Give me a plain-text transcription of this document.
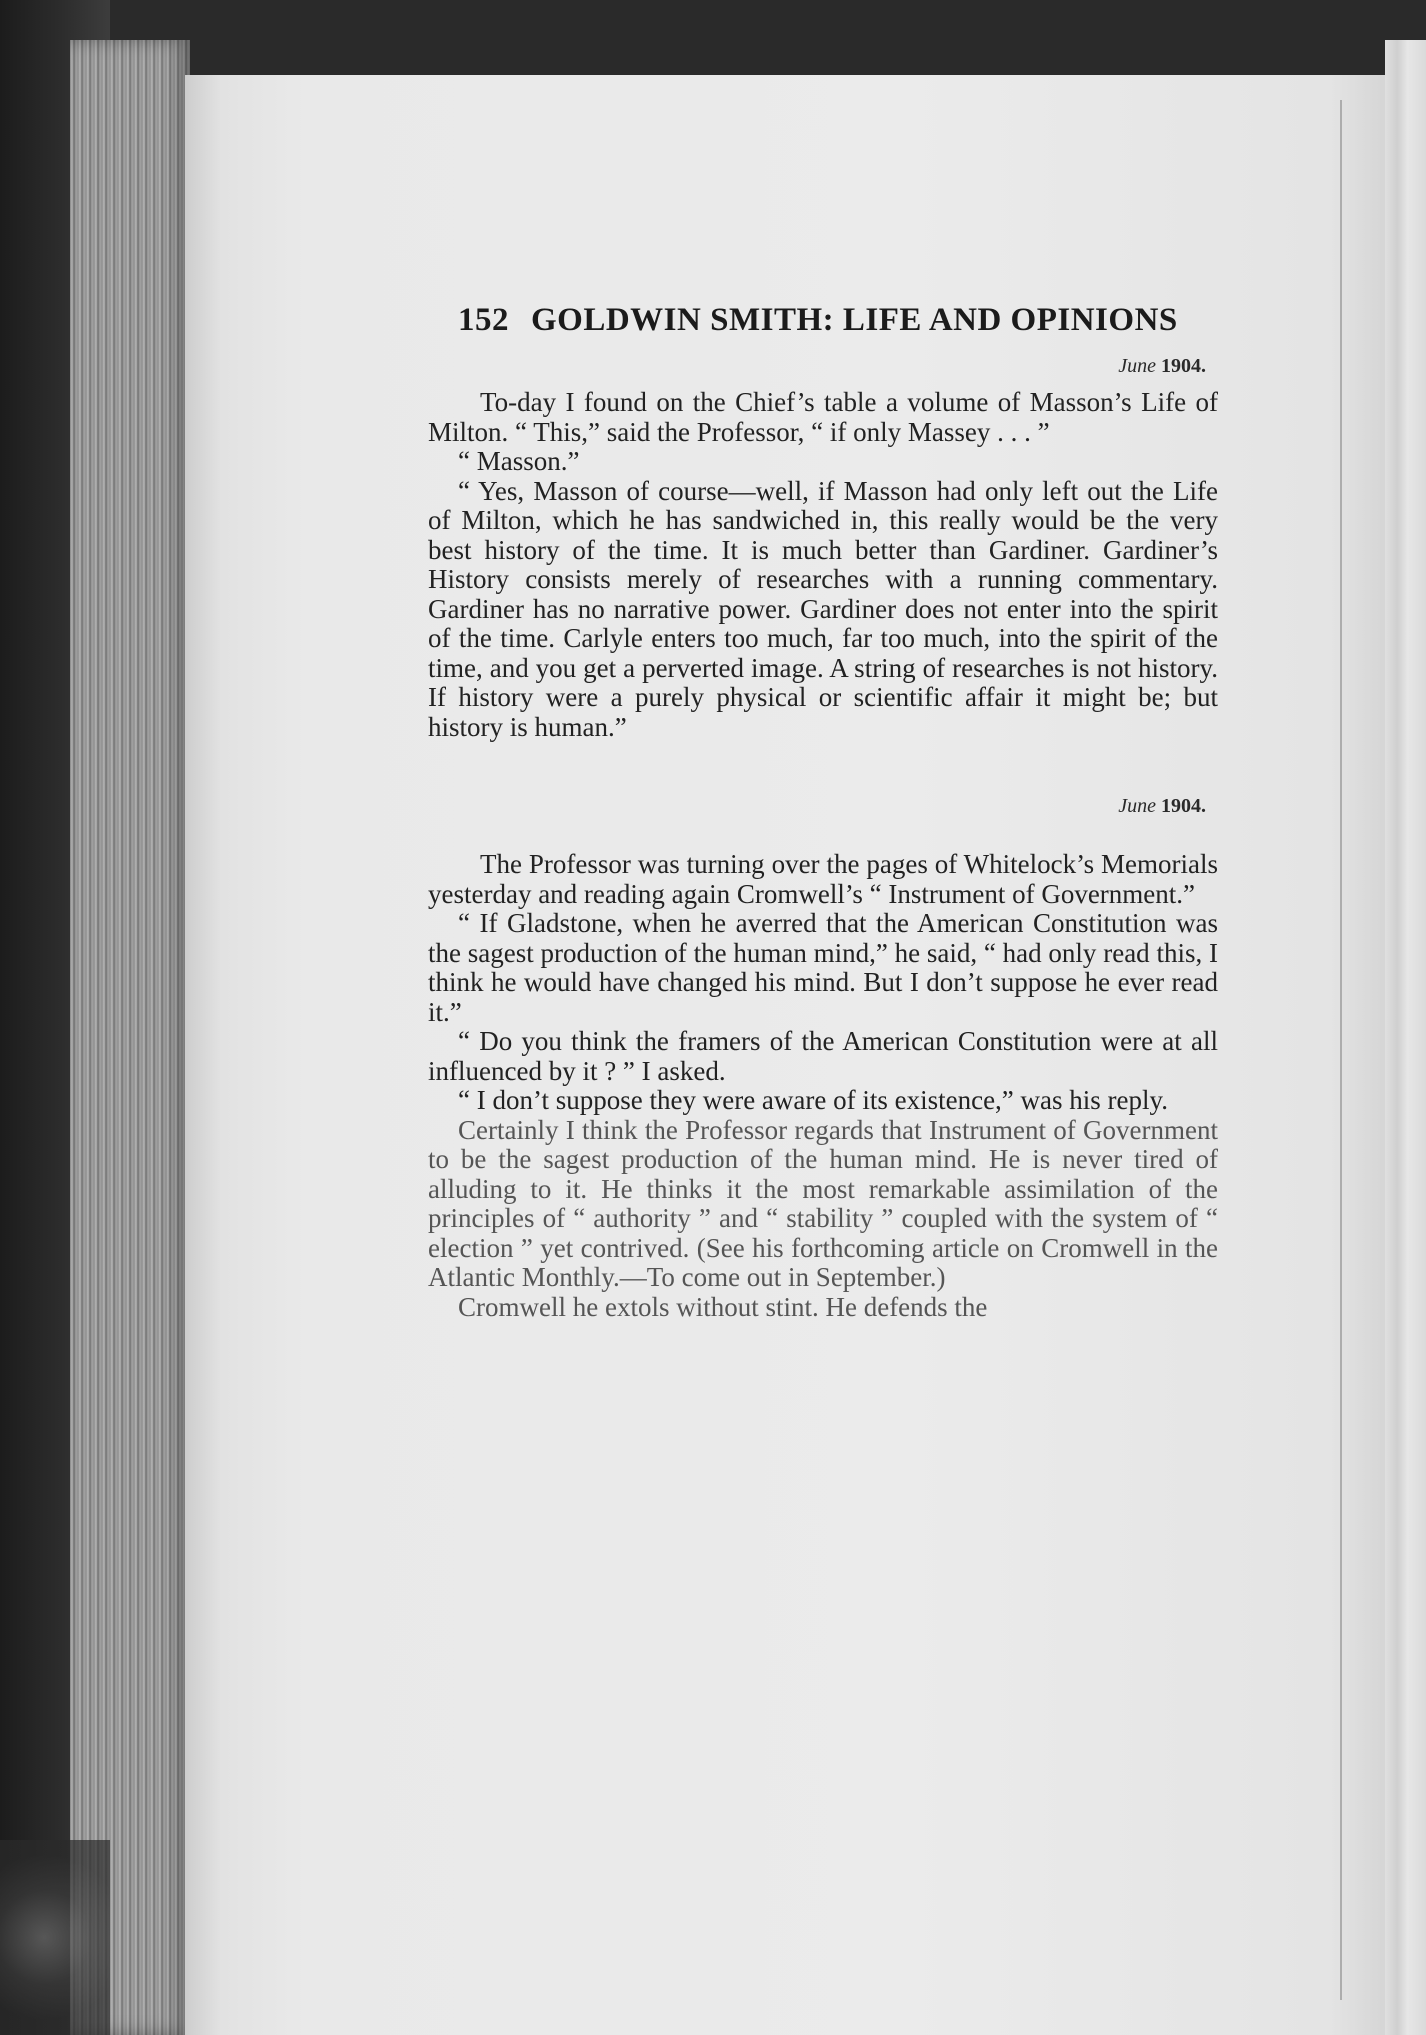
152 GOLDWIN SMITH: LIFE AND OPINIONS
June 1904.

To-day I found on the Chief’s table a volume of Masson’s Life of Milton. “ This,” said the Professor, “ if only Massey . . . ”

“ Masson.”

“ Yes, Masson of course—well, if Masson had only left out the Life of Milton, which he has sandwiched in, this really would be the very best history of the time. It is much better than Gardiner. Gardiner’s History consists merely of researches with a running commentary. Gardiner has no narrative power. Gardiner does not enter into the spirit of the time. Carlyle enters too much, far too much, into the spirit of the time, and you get a perverted image. A string of researches is not history. If history were a purely physical or scientific affair it might be; but history is human.”

June 1904.

The Professor was turning over the pages of Whitelock’s Memorials yesterday and reading again Cromwell’s “ Instrument of Government.”

“ If Gladstone, when he averred that the American Constitution was the sagest production of the human mind,” he said, “ had only read this, I think he would have changed his mind. But I don’t suppose he ever read it.”

“ Do you think the framers of the American Constitution were at all influenced by it ? ” I asked.

“ I don’t suppose they were aware of its existence,” was his reply.

Certainly I think the Professor regards that Instrument of Government to be the sagest production of the human mind. He is never tired of alluding to it. He thinks it the most remarkable assimilation of the principles of “ authority ” and “ stability ” coupled with the system of “ election ” yet contrived. (See his forthcoming article on Cromwell in the Atlantic Monthly.—To come out in September.)

Cromwell he extols without stint. He defends the
